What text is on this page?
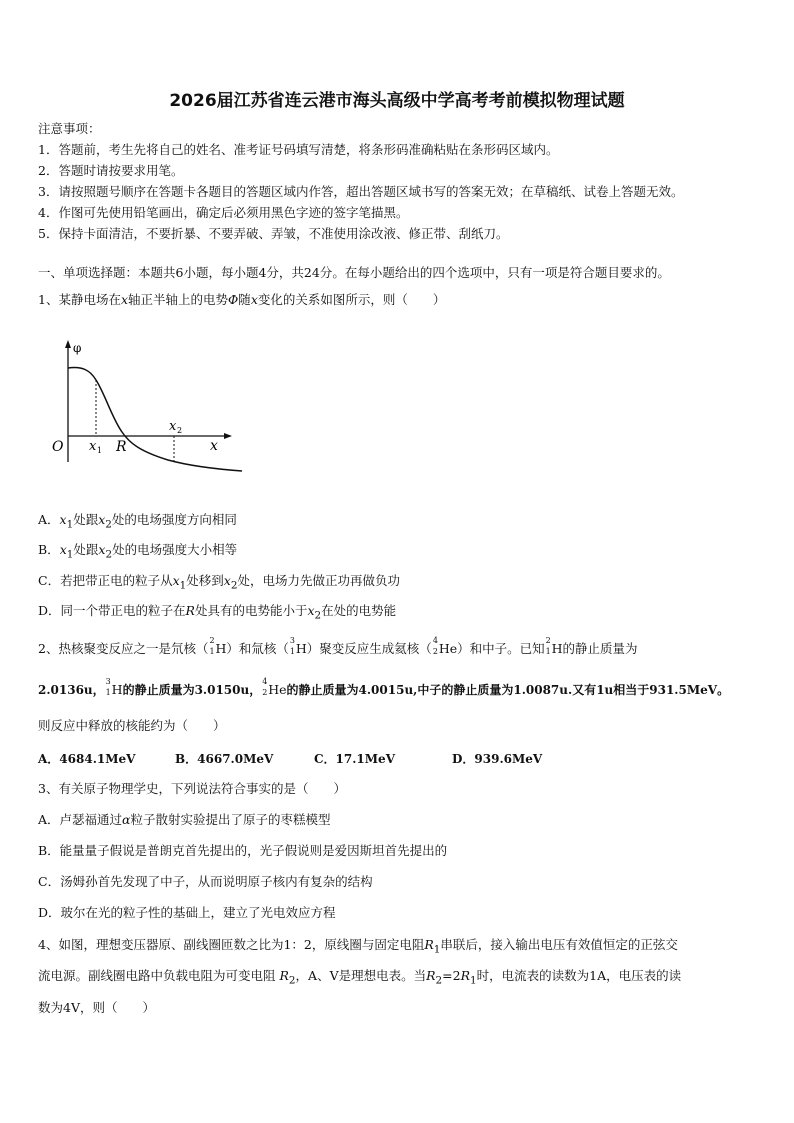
2026届江苏省连云港市海头高级中学高考考前模拟物理试题
注意事项：
1．答题前，考生先将自己的姓名、准考证号码填写清楚，将条形码准确粘贴在条形码区域内。
2．答题时请按要求用笔。
3．请按照题号顺序在答题卡各题目的答题区域内作答，超出答题区域书写的答案无效；在草稿纸、试卷上答题无效。
4．作图可先使用铅笔画出，确定后必须用黑色字迹的签字笔描黑。
5．保持卡面清洁，不要折暴、不要弄破、弄皱，不准使用涂改液、修正带、刮纸刀。
一、单项选择题：本题共6小题，每小题4分，共24分。在每小题给出的四个选项中，只有一项是符合题目要求的。
1、某静电场在x轴正半轴上的电势Φ随x变化的关系如图所示，则（　　）
φ
O x 1 R
x 2
x
A．$x_1$处跟$x_2$处的电场强度方向相同
B．$x_1$处跟$x_2$处的电场强度大小相等
C．若把带正电的粒子从$x_1$处移到$x_2$处，电场力先做正功再做负功
D．同一个带正电的粒子在R处具有的电势能小于$x_2$在处的电势能
2、热核聚变反应之一是氘核（
2
1 H）和氚核（
3
1 H）聚变反应生成氦核（
4
2 He）和中子。已知
2
1 H的静止质量为
2.0136u，
3
1 H的静止质量为3.0150u，
4
2 He的静止质量为4.0015u,中子的静止质量为1.0087u.又有1u相当于931.5MeV。
则反应中释放的核能约为（　　）
A．4684.1MeV	B．4667.0MeV	C．17.1MeV	D．939.6MeV
3、有关原子物理学史，下列说法符合事实的是（　　）
A．卢瑟福通过α粒子散射实验提出了原子的枣糕模型
B．能量量子假说是普朗克首先提出的，光子假说则是爱因斯坦首先提出的
C．汤姆孙首先发现了中子，从而说明原子核内有复杂的结构
D．玻尔在光的粒子性的基础上，建立了光电效应方程
4、如图，理想变压器原、副线圈匝数之比为1：2，原线圈与固定电阻$R_1$串联后，接入输出电压有效值恒定的正弦交
流电源。副线圈电路中负载电阻为可变电阻 $R_2$，A、V是理想电表。当$R_2=2R_1$时，电流表的读数为1A，电压表的读
数为4V，则（　　）
